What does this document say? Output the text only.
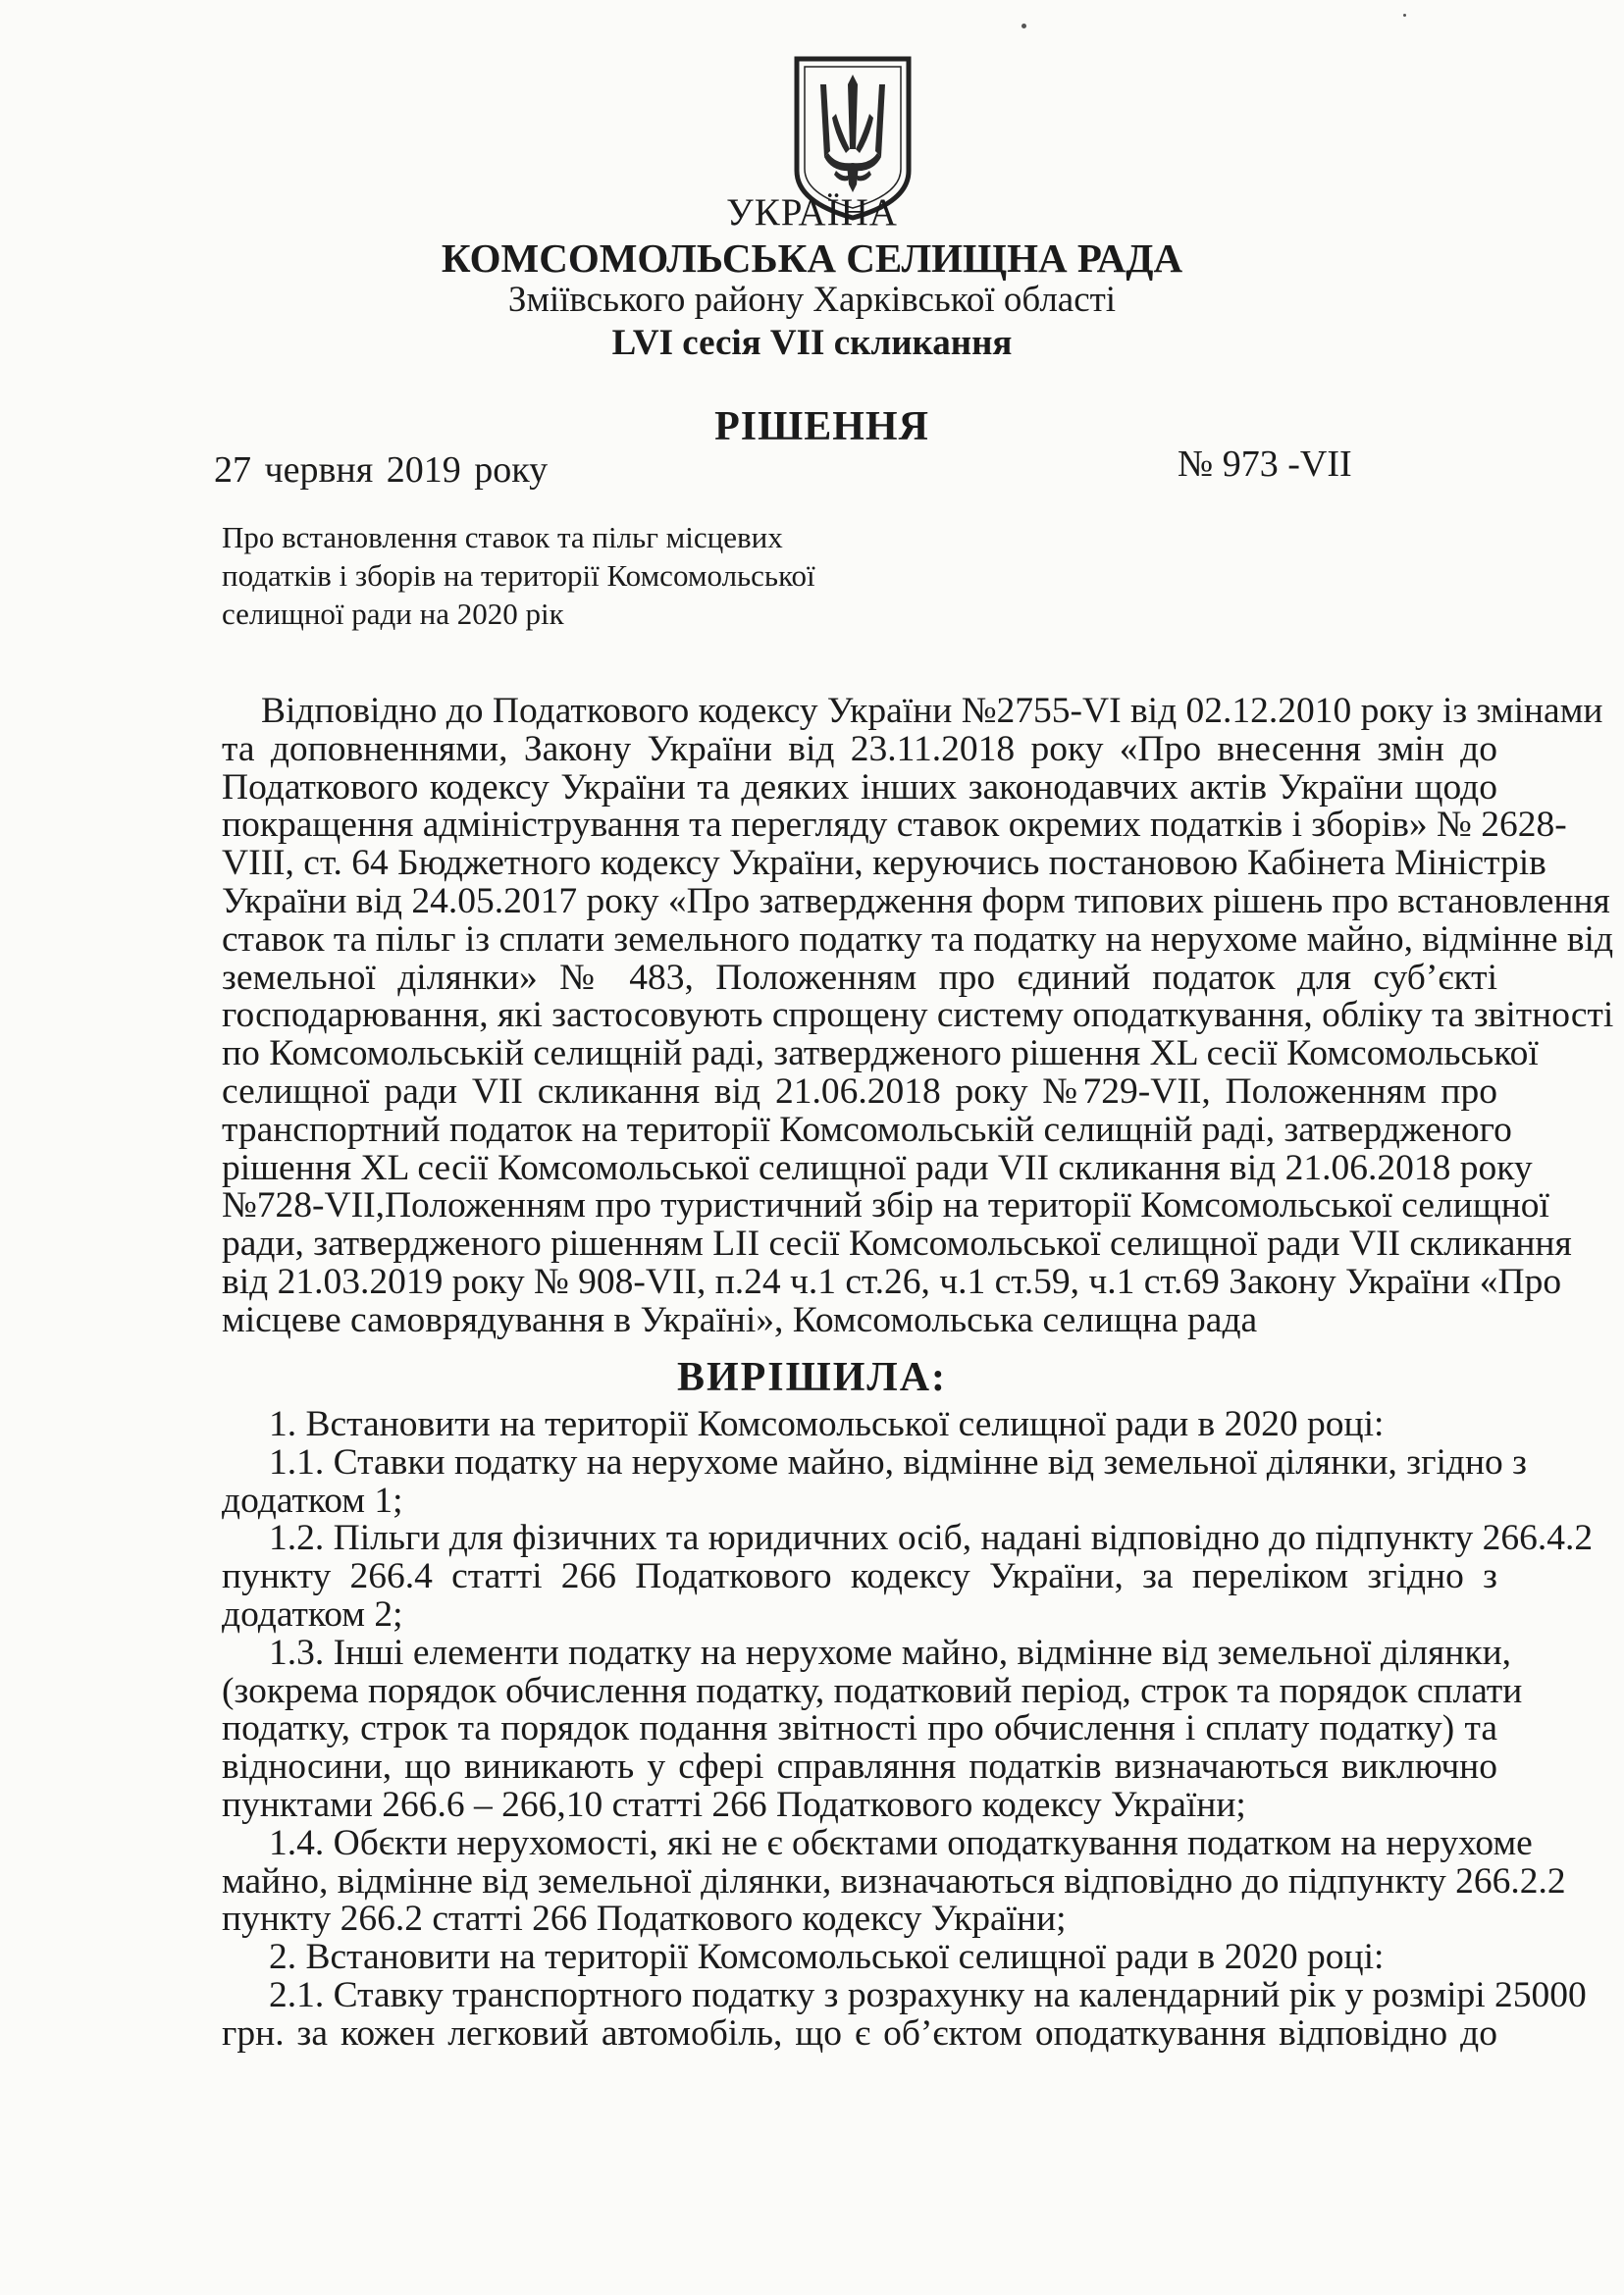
УКРАЇНА
КОМСОМОЛЬСЬКА СЕЛИЩНА РАДА
Зміївського району Харківської області
LVI сесія VII скликання
РІШЕННЯ
27 червня 2019 року	№ 973 -VII
Про встановлення ставок та пільг місцевих
податків і зборів на території Комсомольської
селищної ради на 2020 рік
Відповідно до Податкового кодексу України №2755-VI від 02.12.2010 року із змінами
та доповненнями, Закону України від 23.11.2018 року «Про внесення змін до
Податкового кодексу України та деяких інших законодавчих актів України щодо
покращення адміністрування та перегляду ставок окремих податків і зборів» № 2628-
VIII, ст. 64 Бюджетного кодексу України, керуючись постановою Кабінета Міністрів
України від 24.05.2017 року «Про затвердження форм типових рішень про встановлення
ставок та пільг із сплати земельного податку та податку на нерухоме майно, відмінне від
земельної ділянки» № 483, Положенням про єдиний податок для суб’єкті
господарювання, які застосовують спрощену систему оподаткування, обліку та звітності
по Комсомольській селищній раді, затвердженого рішення XL сесії Комсомольської
селищної ради VII скликання від 21.06.2018 року №729-VII, Положенням про
транспортний податок на території Комсомольській селищній раді, затвердженого
рішення XL сесії Комсомольської селищної ради VII скликання від 21.06.2018 року
№728-VII,Положенням про туристичний збір на території Комсомольської селищної
ради, затвердженого рішенням LII сесії Комсомольської селищної ради VII скликання
від 21.03.2019 року № 908-VII, п.24 ч.1 ст.26, ч.1 ст.59, ч.1 ст.69 Закону України «Про
місцеве самоврядування в Україні», Комсомольська селищна рада
ВИРІШИЛА:
1. Встановити на території Комсомольської селищної ради в 2020 році:
1.1. Ставки податку на нерухоме майно, відмінне від земельної ділянки, згідно з
додатком 1;
1.2. Пільги для фізичних та юридичних осіб, надані відповідно до підпункту 266.4.2
пункту 266.4 статті 266 Податкового кодексу України, за переліком згідно з
додатком 2;
1.3. Інші елементи податку на нерухоме майно, відмінне від земельної ділянки,
(зокрема порядок обчислення податку, податковий період, строк та порядок сплати
податку, строк та порядок подання звітності про обчислення і сплату податку) та
відносини, що виникають у сфері справляння податків визначаються виключно
пунктами 266.6 – 266,10 статті 266 Податкового кодексу України;
1.4. Обєкти нерухомості, які не є обєктами оподаткування податком на нерухоме
майно, відмінне від земельної ділянки, визначаються відповідно до підпункту 266.2.2
пункту 266.2 статті 266 Податкового кодексу України;
2. Встановити на території Комсомольської селищної ради в 2020 році:
2.1. Ставку транспортного податку з розрахунку на календарний рік у розмірі 25000
грн. за кожен легковий автомобіль, що є об’єктом оподаткування відповідно до
